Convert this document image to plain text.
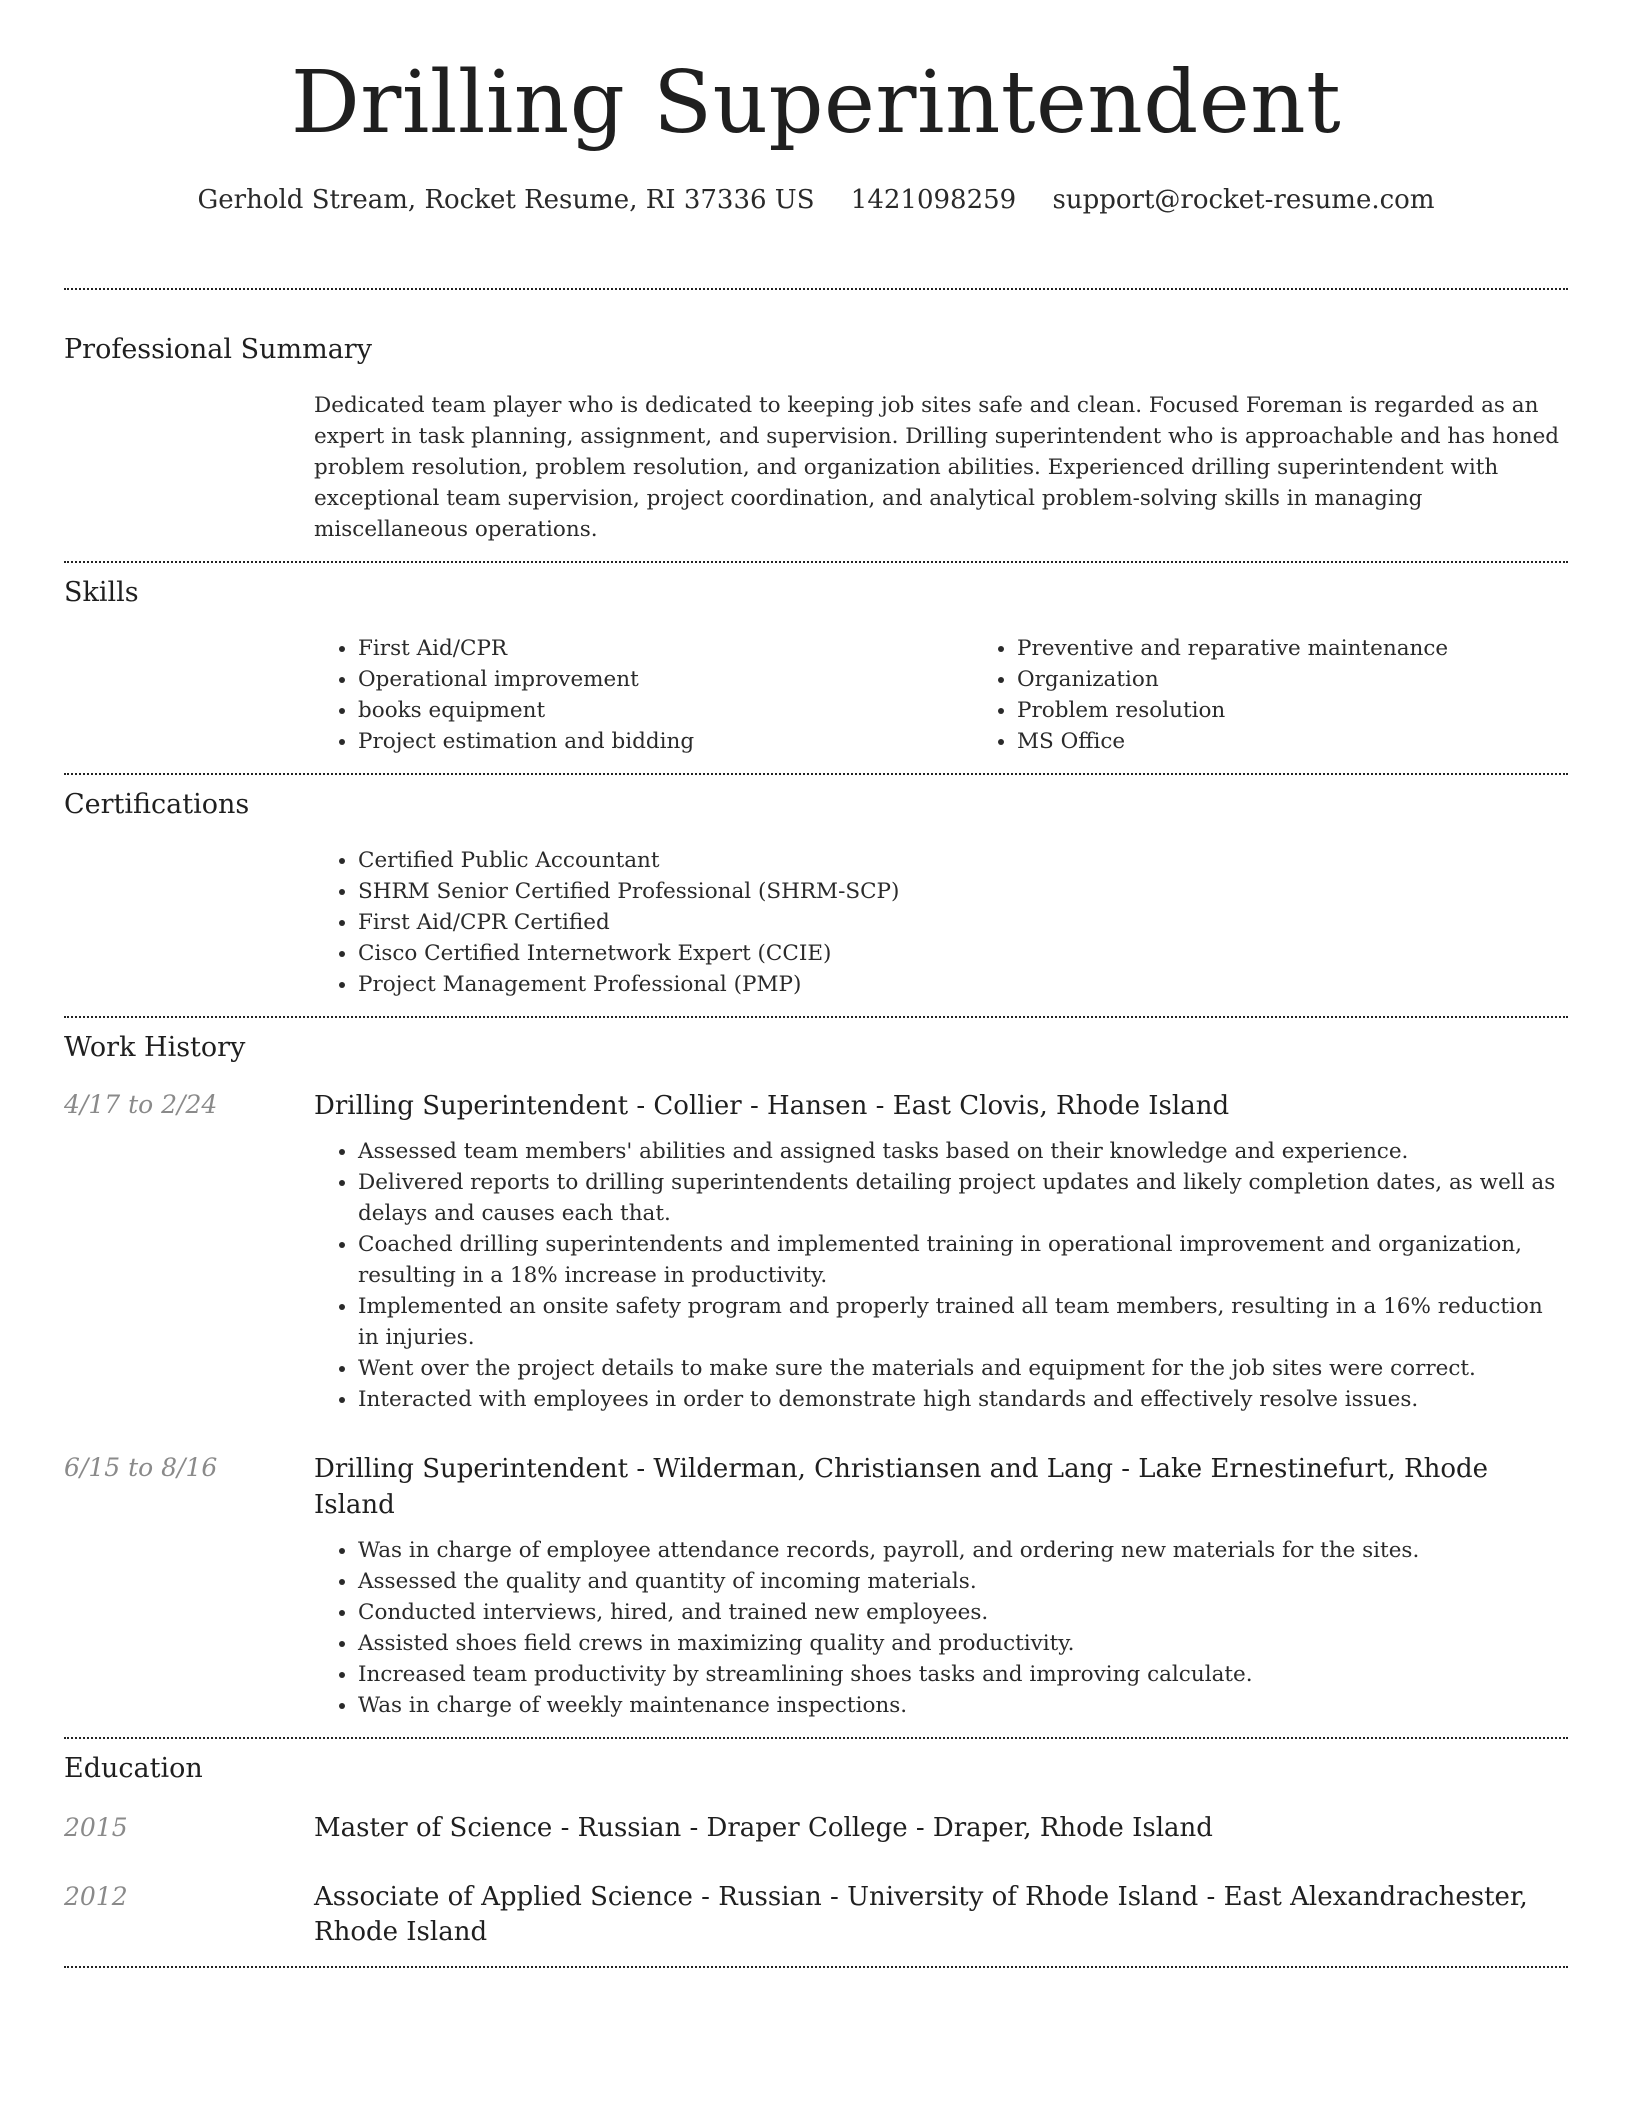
Drilling Superintendent
Gerhold Stream, Rocket Resume, RI 37336 US 1421098259 support@rocket-resume.com
Professional Summary

Dedicated team player who is dedicated to keeping job sites safe and clean. Focused Foreman is regarded as an expert in task planning, assignment, and supervision. Drilling superintendent who is approachable and has honed problem resolution, problem resolution, and organization abilities. Experienced drilling superintendent with exceptional team supervision, project coordination, and analytical problem-solving skills in managing miscellaneous operations.

Skills
• First Aid/CPR
• Operational improvement
• books equipment
• Project estimation and bidding
• Preventive and reparative maintenance
• Organization
• Problem resolution
• MS Office
Certifications
• Certified Public Accountant
• SHRM Senior Certified Professional (SHRM-SCP)
• First Aid/CPR Certified
• Cisco Certified Internetwork Expert (CCIE)
• Project Management Professional (PMP)
Work History
4/17 to 2/24	Drilling Superintendent - Collier - Hansen - East Clovis, Rhode Island

• Assessed team members' abilities and assigned tasks based on their knowledge and experience.
• Delivered reports to drilling superintendents detailing project updates and likely completion dates, as well as delays and causes each that.
• Coached drilling superintendents and implemented training in operational improvement and organization, resulting in a 18% increase in productivity.
• Implemented an onsite safety program and properly trained all team members, resulting in a 16% reduction in injuries.
• Went over the project details to make sure the materials and equipment for the job sites were correct.
• Interacted with employees in order to demonstrate high standards and effectively resolve issues.
6/15 to 8/16	Drilling Superintendent - Wilderman, Christiansen and Lang - Lake Ernestinefurt, Rhode Island

• Was in charge of employee attendance records, payroll, and ordering new materials for the sites.
• Assessed the quality and quantity of incoming materials.
• Conducted interviews, hired, and trained new employees.
• Assisted shoes field crews in maximizing quality and productivity.
• Increased team productivity by streamlining shoes tasks and improving calculate.
• Was in charge of weekly maintenance inspections.
Education
2015	Master of Science - Russian - Draper College - Draper, Rhode Island

2012	Associate of Applied Science - Russian - University of Rhode Island - East Alexandrachester, Rhode Island
